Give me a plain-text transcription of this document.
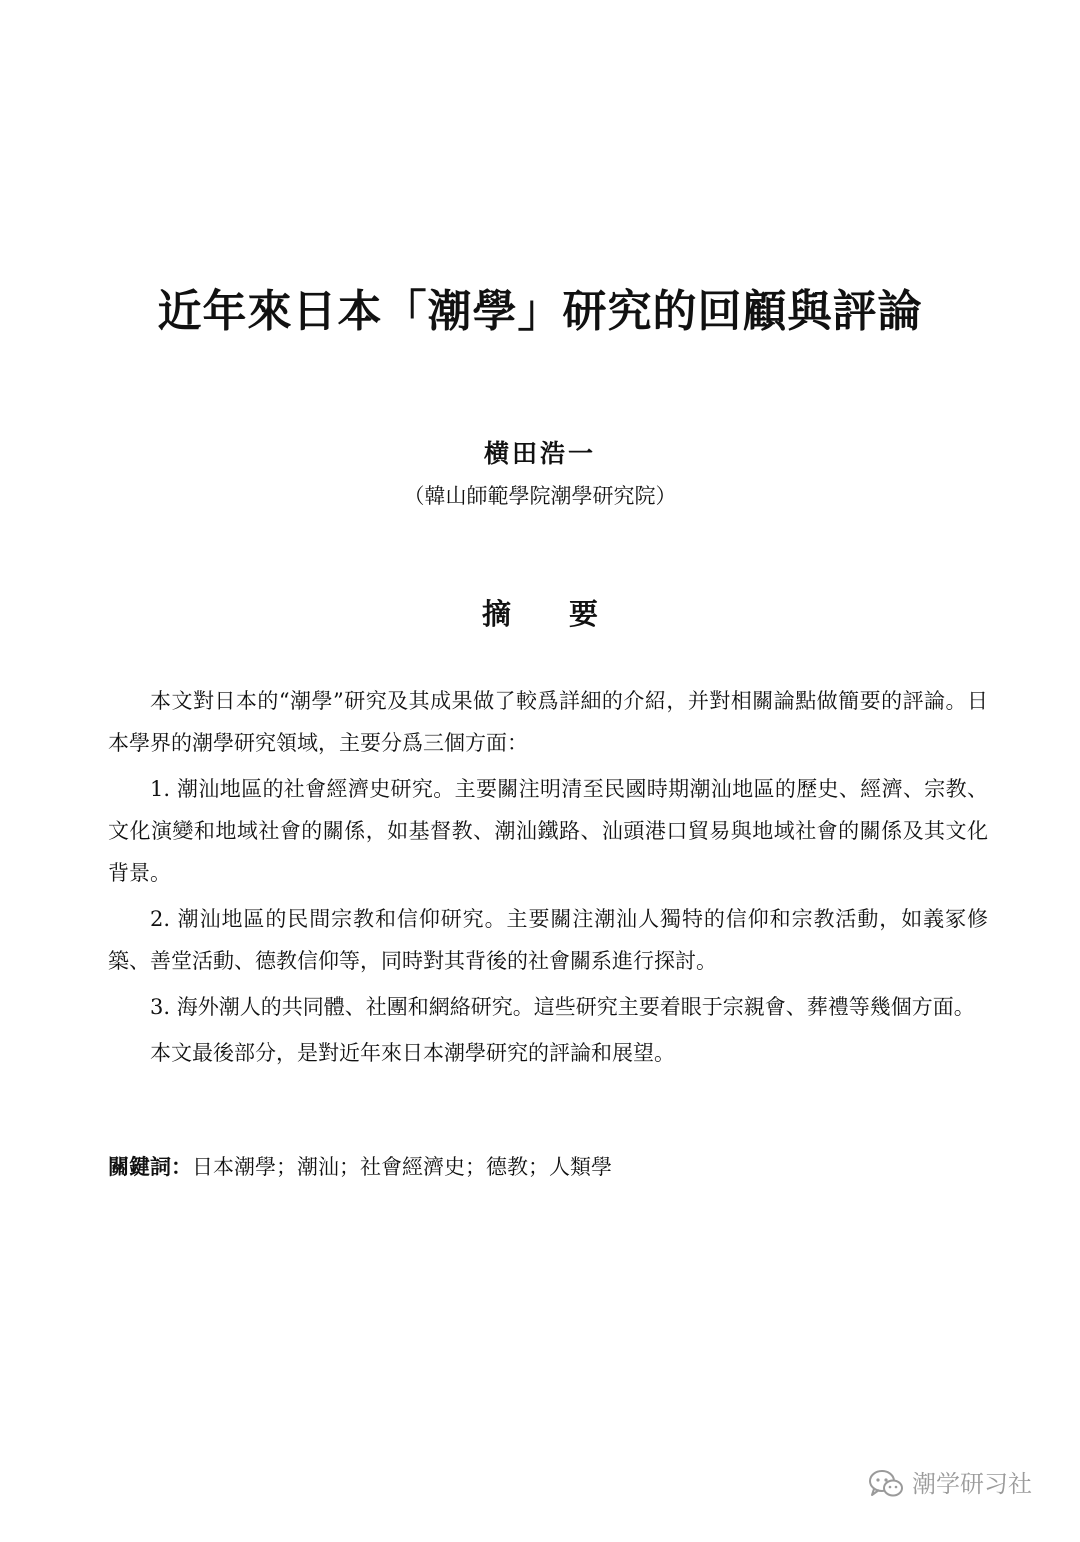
近年來日本「潮學」研究的回顧與評論
横田浩一
（韓山師範學院潮學研究院）
摘 要

本文對日本的“潮學”研究及其成果做了較爲詳細的介紹，并對相關論點做簡要的評論。日本學界的潮學研究領域，主要分爲三個方面：

1. 潮汕地區的社會經濟史研究。主要關注明清至民國時期潮汕地區的歷史、經濟、宗教、文化演變和地域社會的關係，如基督教、潮汕鐵路、汕頭港口貿易與地域社會的關係及其文化背景。

2. 潮汕地區的民間宗教和信仰研究。主要關注潮汕人獨特的信仰和宗教活動，如義冢修築、善堂活動、德教信仰等，同時對其背後的社會關系進行探討。

3. 海外潮人的共同體、社團和網絡研究。這些研究主要着眼于宗親會、葬禮等幾個方面。

本文最後部分，是對近年來日本潮學研究的評論和展望。

關鍵詞：日本潮學；潮汕；社會經濟史；德教；人類學
潮学研习社
